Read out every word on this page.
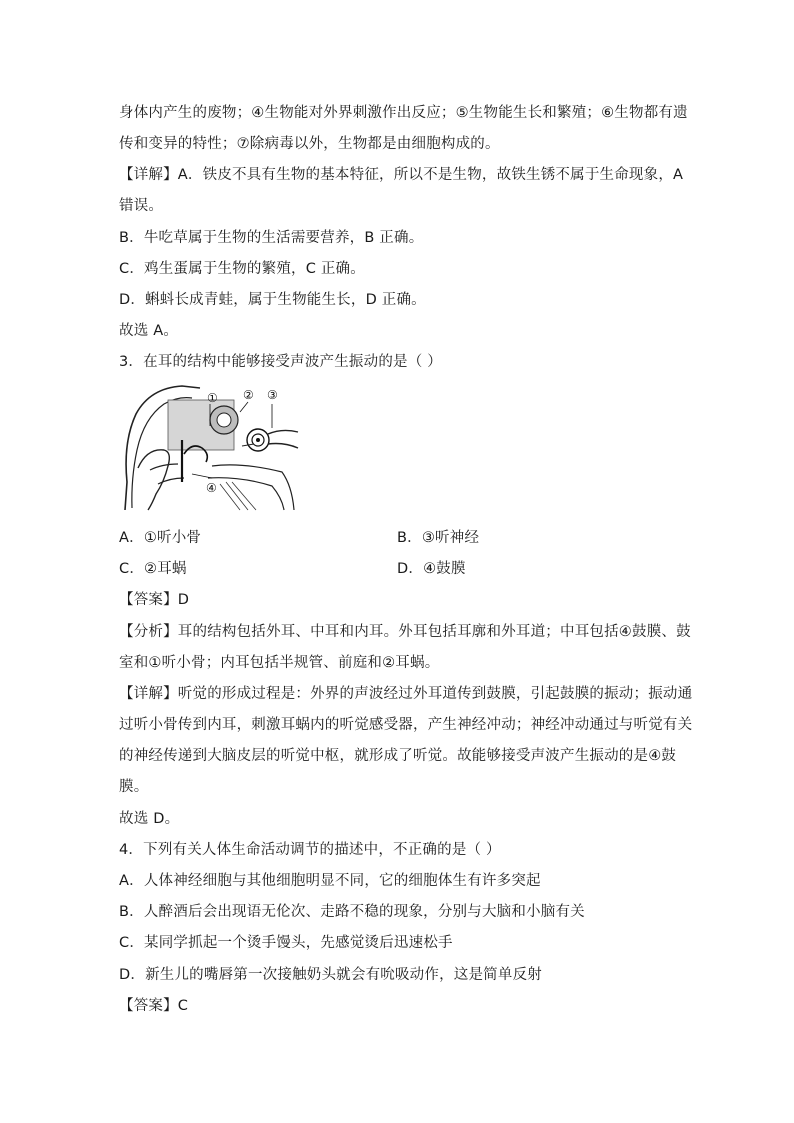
身体内产生的废物；④生物能对外界刺激作出反应；⑤生物能生长和繁殖；⑥生物都有遗
传和变异的特性；⑦除病毒以外，生物都是由细胞构成的。
【详解】A．铁皮不具有生物的基本特征，所以不是生物，故铁生锈不属于生命现象，A
错误。
B．牛吃草属于生物的生活需要营养，B 正确。
C．鸡生蛋属于生物的繁殖，C 正确。
D．蝌蚪长成青蛙，属于生物能生长，D 正确。
故选 A。
3．在耳的结构中能够接受声波产生振动的是（ ）
① ② ③
④
A．①听小骨	B．③听神经
C．②耳蜗	D．④鼓膜
【答案】D
【分析】耳的结构包括外耳、中耳和内耳。外耳包括耳廓和外耳道；中耳包括④鼓膜、鼓
室和①听小骨；内耳包括半规管、前庭和②耳蜗。
【详解】听觉的形成过程是：外界的声波经过外耳道传到鼓膜，引起鼓膜的振动；振动通
过听小骨传到内耳，刺激耳蜗内的听觉感受器，产生神经冲动；神经冲动通过与听觉有关
的神经传递到大脑皮层的听觉中枢，就形成了听觉。故能够接受声波产生振动的是④鼓
膜。
故选 D。
4．下列有关人体生命活动调节的描述中，不正确的是（ ）
A．人体神经细胞与其他细胞明显不同，它的细胞体生有许多突起
B．人醉酒后会出现语无伦次、走路不稳的现象，分别与大脑和小脑有关
C．某同学抓起一个烫手馒头，先感觉烫后迅速松手
D．新生儿的嘴唇第一次接触奶头就会有吮吸动作，这是简单反射
【答案】C
